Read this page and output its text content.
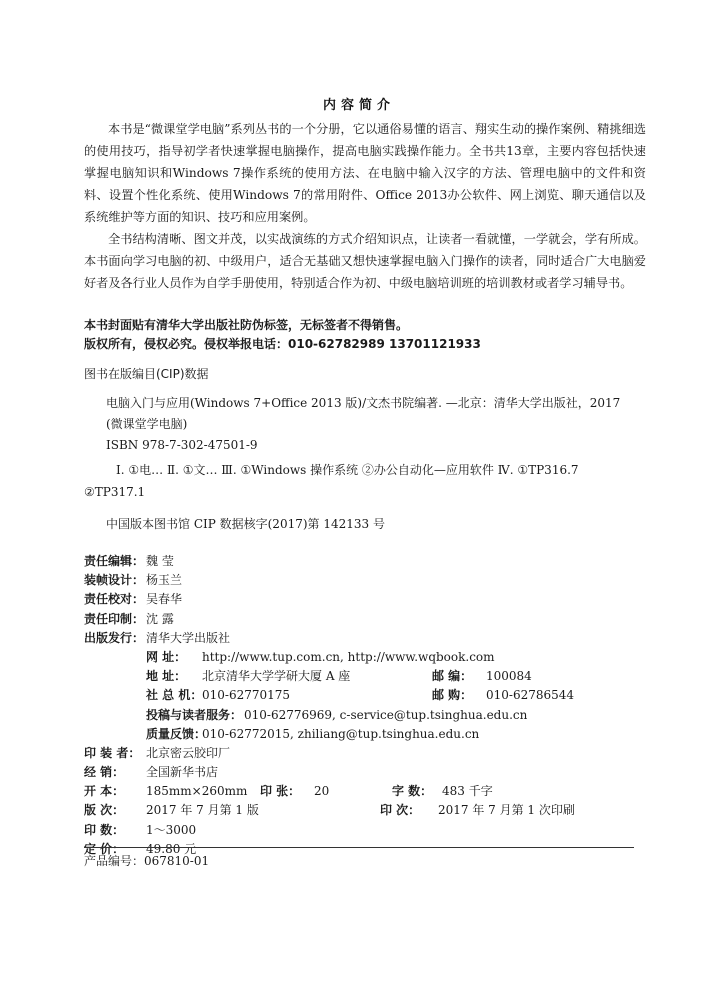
内容简介

本书是“微课堂学电脑”系列丛书的一个分册，它以通俗易懂的语言、翔实生动的操作案例、精挑细选的使用技巧，指导初学者快速掌握电脑操作，提高电脑实践操作能力。全书共13章，主要内容包括快速掌握电脑知识和Windows 7操作系统的使用方法、在电脑中输入汉字的方法、管理电脑中的文件和资料、设置个性化系统、使用Windows 7的常用附件、Office 2013办公软件、网上浏览、聊天通信以及系统维护等方面的知识、技巧和应用案例。

全书结构清晰、图文并茂，以实战演练的方式介绍知识点，让读者一看就懂，一学就会，学有所成。本书面向学习电脑的初、中级用户，适合无基础又想快速掌握电脑入门操作的读者，同时适合广大电脑爱好者及各行业人员作为自学手册使用，特别适合作为初、中级电脑培训班的培训教材或者学习辅导书。

本书封面贴有清华大学出版社防伪标签，无标签者不得销售。
版权所有，侵权必究。侵权举报电话：010-62782989 13701121933
图书在版编目(CIP)数据
电脑入门与应用(Windows 7+Office 2013 版)/文杰书院编著. —北京：清华大学出版社，2017
(微课堂学电脑)
ISBN 978-7-302-47501-9
Ⅰ. ①电… Ⅱ. ①文… Ⅲ. ①Windows 操作系统 ②办公自动化—应用软件 Ⅳ. ①TP316.7
②TP317.1
中国版本图书馆 CIP 数据核字(2017)第 142133 号
责任编辑： 魏 莹
装帧设计： 杨玉兰
责任校对： 吴春华
责任印制： 沈 露
出版发行： 清华大学出版社
网 址： http://www.tup.com.cn, http://www.wqbook.com
地 址： 北京清华大学学研大厦 A 座	邮 编： 100084
社 总 机： 010-62770175	邮 购： 010-62786544
投稿与读者服务： 010-62776969, c-service@tup.tsinghua.edu.cn
质量反馈：
010-62772015, zhiliang@tup.tsinghua.edu.cn
印 装 者： 北京密云胶印厂
经 销： 全国新华书店
开 本： 185mm×260mm 印 张： 20	字 数： 483 千字
版 次： 2017 年 7 月第 1 版	印 次： 2017 年 7 月第 1 次印刷
印 数： 1～3000
定 价： 49.80 元
产品编号：067810-01
